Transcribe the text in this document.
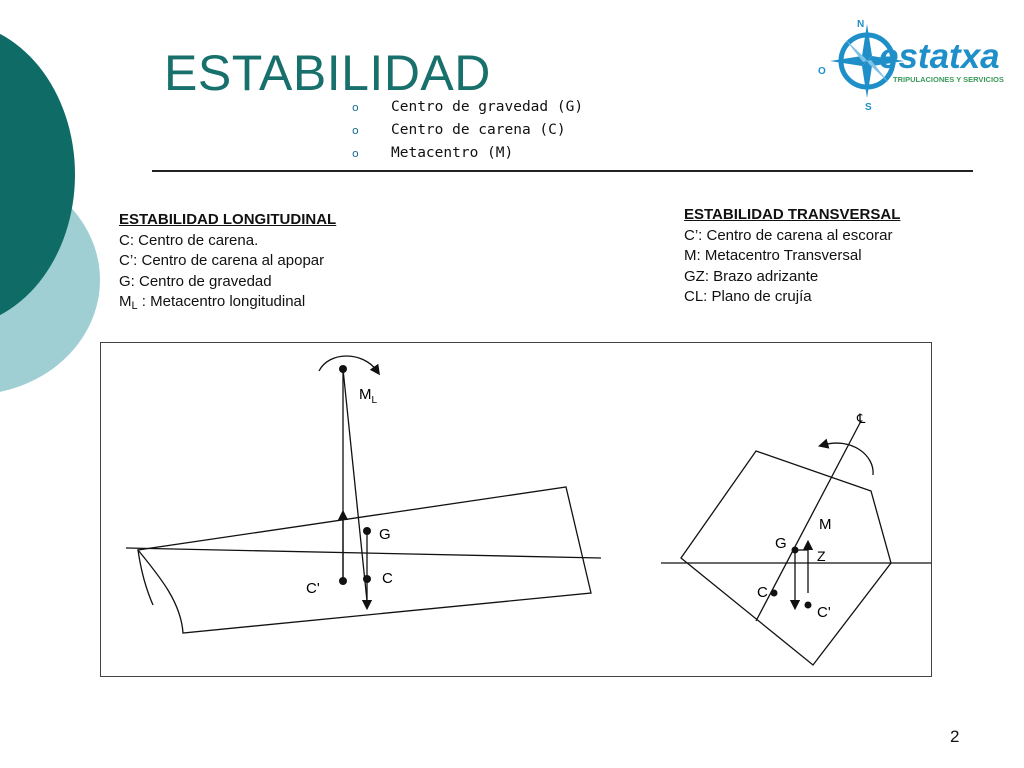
ESTABILIDAD
o	Centro de gravedad (G)
o	Centro de carena (C)
o	Metacentro (M)
N
O
S
estatxa
TRIPULACIONES Y SERVICIOS
ESTABILIDAD LONGITUDINAL
C: Centro de carena.
C’: Centro de carena al apopar
G: Centro de gravedad
$M_L$ : Metacentro longitudinal
ESTABILIDAD TRANSVERSAL
C’: Centro de carena al escorar
M: Metacentro Transversal
GZ: Brazo adrizante
CL: Plano de crujía
$M_L$
G
C
C'
℄
M
G
Z
C
C'
2
